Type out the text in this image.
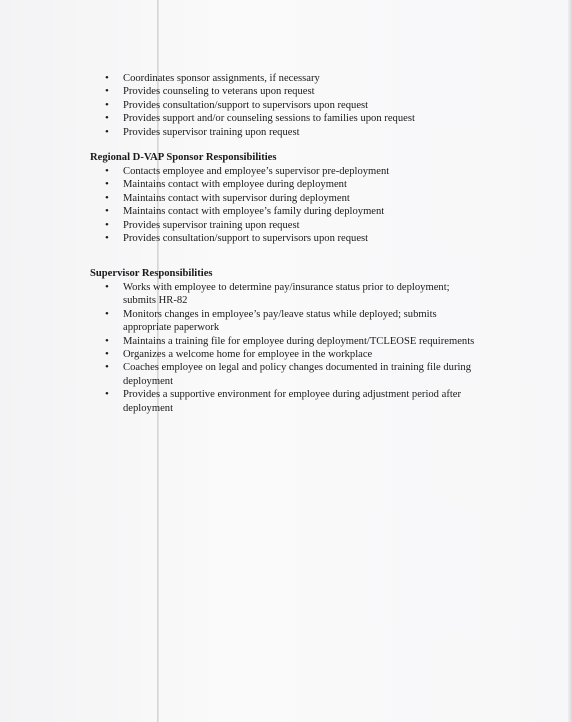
• Coordinates sponsor assignments, if necessary
• Provides counseling to veterans upon request
• Provides consultation/support to supervisors upon request
• Provides support and/or counseling sessions to families upon request
• Provides supervisor training upon request
Regional D-VAP Sponsor Responsibilities
• Contacts employee and employee’s supervisor pre-deployment
• Maintains contact with employee during deployment
• Maintains contact with supervisor during deployment
• Maintains contact with employee’s family during deployment
• Provides supervisor training upon request
• Provides consultation/support to supervisors upon request
Supervisor Responsibilities
• Works with employee to determine pay/insurance status prior to deployment; submits HR-82
• Monitors changes in employee’s pay/leave status while deployed; submits appropriate paperwork
• Maintains a training file for employee during deployment/TCLEOSE requirements
• Organizes a welcome home for employee in the workplace
• Coaches employee on legal and policy changes documented in training file during deployment
• Provides a supportive environment for employee during adjustment period after deployment
